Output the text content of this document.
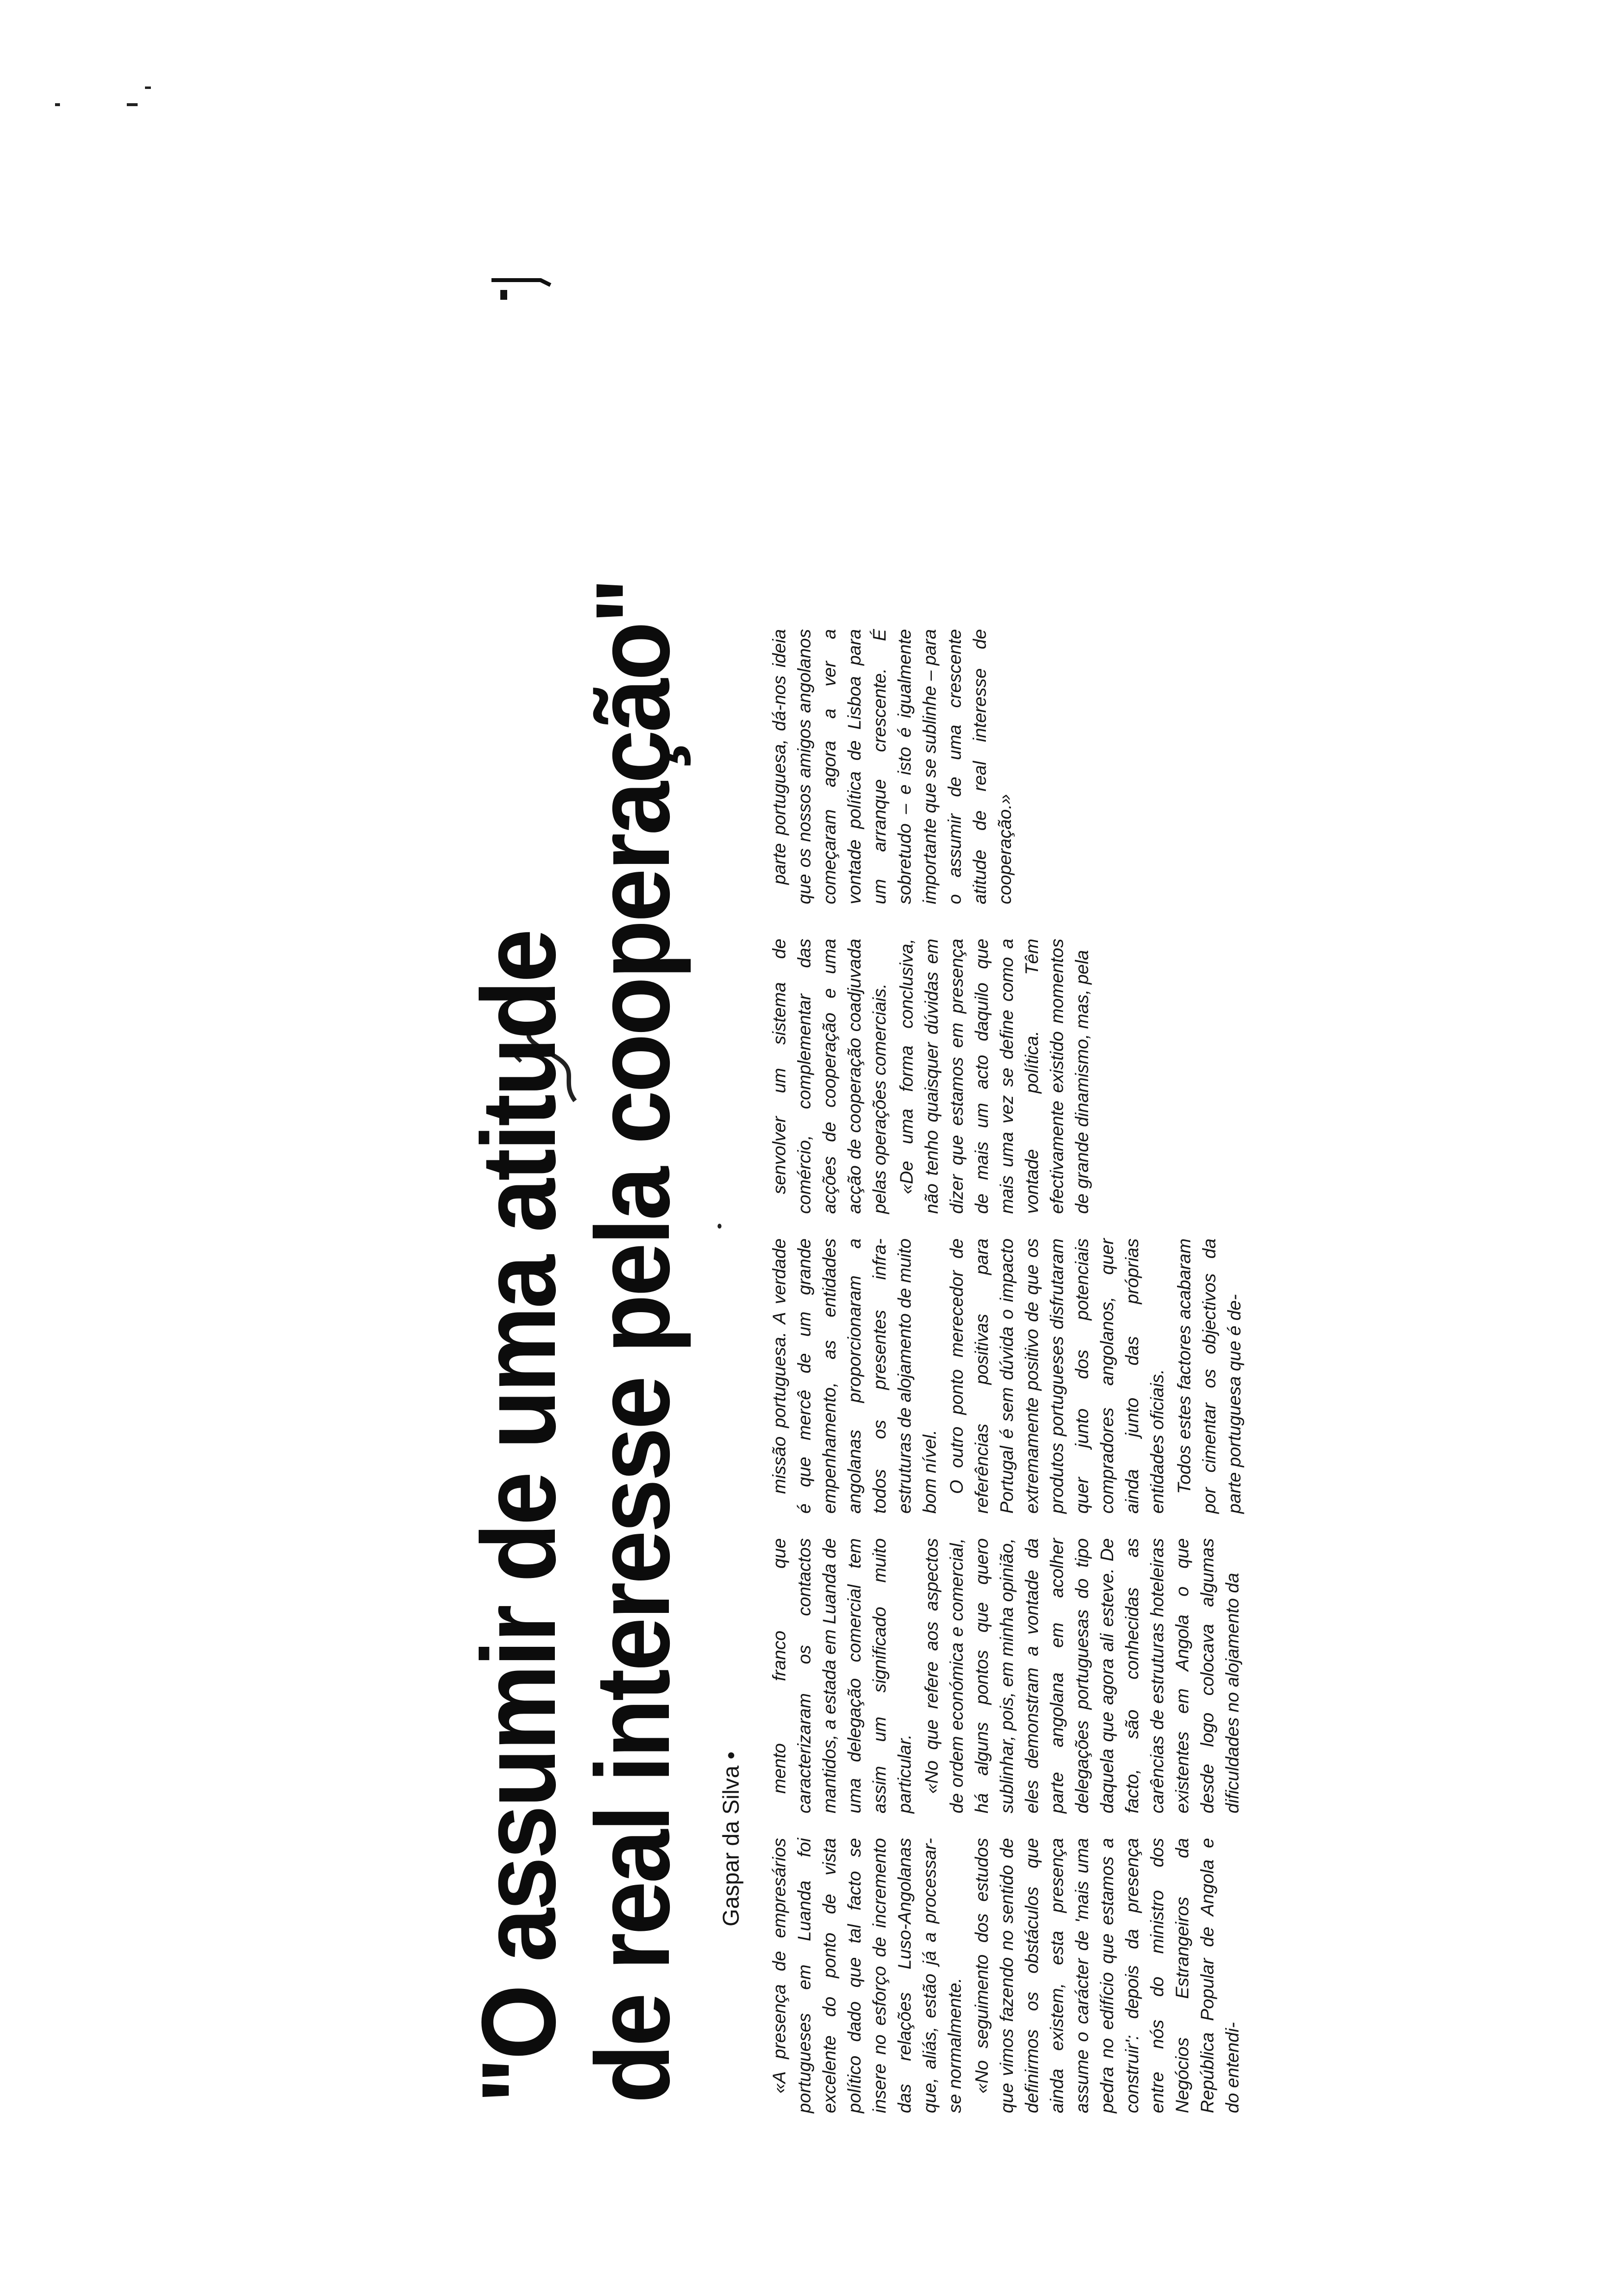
"O assumir de uma atitude
de real interesse pela cooperação" Gaspar da Silva • «A presença de empresários portugueses em Luanda foi excelente do ponto de vista político dado que tal facto se insere no esforço de incremento das relações Luso-Angolanas que, aliás, estão já a processar-se normalmente. «No seguimento dos estudos que vimos fazendo no sentido de definirmos os obstáculos que ainda existem, esta presença assume o carácter de 'mais uma pedra no edifício que estamos a construir': depois da presença entre nós do ministro dos Negócios Estrangeiros da República Popular de Angola e do entendi-

mento franco que caracterizaram os contactos mantidos, a estada em Luanda de uma delegação comercial tem assim um significado muito particular. «No que refere aos aspectos de ordem económica e comercial, há alguns pontos que quero sublinhar, pois, em minha opinião, eles demonstram a vontade da parte angolana em acolher delegações portuguesas do tipo daquela que agora ali esteve. De facto, são conhecidas as carências de estruturas hoteleiras existentes em Angola o que desde logo colocava algumas dificuldades no alojamento da

missão portuguesa. A verdade é que mercê de um grande empenhamento, as entidades angolanas proporcionaram a todos os presentes infra-estruturas de alojamento de muito bom nível. O outro ponto merecedor de referências positivas para Portugal é sem dúvida o impacto extremamente positivo de que os produtos portugueses disfrutaram quer junto dos potenciais compradores angolanos, quer ainda junto das próprias entidades oficiais. Todos estes factores acabaram por cimentar os objectivos da parte portuguesa que é de-

senvolver um sistema de comércio, complementar das acções de cooperação e uma acção de cooperação coadjuvada pelas operações comerciais. «De uma forma conclusiva, não tenho quaisquer dúvidas em dizer que estamos em presença de mais um acto daquilo que mais uma vez se define como a vontade política. Têm efectivamente existido momentos de grande dinamismo, mas, pela

parte portuguesa, dá-nos ideia que os nossos amigos angolanos começaram agora a ver a vontade política de Lisboa para um arranque crescente. É sobretudo – e isto é igualmente importante que se sublinhe – para o assumir de uma crescente atitude de real interesse de cooperação.»
